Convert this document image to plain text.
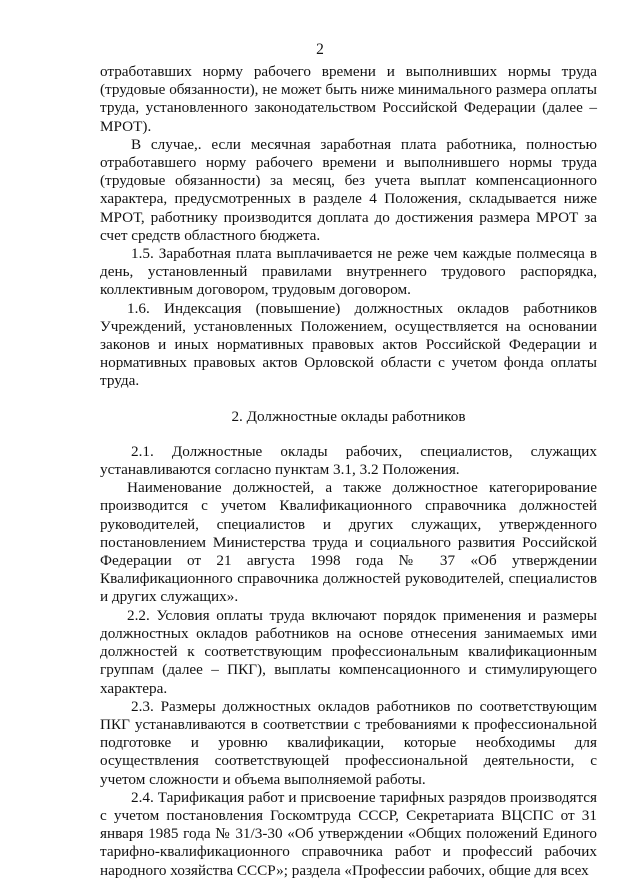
2

отработавших норму рабочего времени и выполнивших нормы труда (трудовые обязанности), не может быть ниже минимального размера оплаты труда, установленного законодательством Российской Федерации (далее – МРОТ).

В случае,. если месячная заработная плата работника, полностью отработавшего норму рабочего времени и выполнившего нормы труда (трудовые обязанности) за месяц, без учета выплат компенсационного характера, предусмотренных в разделе 4 Положения, складывается ниже МРОТ, работнику производится доплата до достижения размера МРОТ за счет средств областного бюджета.

1.5. Заработная плата выплачивается не реже чем каждые полмесяца в день, установленный правилами внутреннего трудового распорядка, коллективным договором, трудовым договором.

1.6. Индексация (повышение) должностных окладов работников Учреждений, установленных Положением, осуществляется на основании законов и иных нормативных правовых актов Российской Федерации и нормативных правовых актов Орловской области с учетом фонда оплаты труда.

2. Должностные оклады работников

2.1. Должностные оклады рабочих, специалистов, служащих устанавливаются согласно пунктам 3.1, 3.2 Положения.

Наименование должностей, а также должностное категорирование производится с учетом Квалификационного справочника должностей руководителей, специалистов и других служащих, утвержденного постановлением Министерства труда и социального развития Российской Федерации от 21 августа 1998 года № 37 «Об утверждении Квалификационного справочника должностей руководителей, специалистов и других служащих».

2.2. Условия оплаты труда включают порядок применения и размеры должностных окладов работников на основе отнесения занимаемых ими должностей к соответствующим профессиональным квалификационным группам (далее – ПКГ), выплаты компенсационного и стимулирующего характера.

2.3. Размеры должностных окладов работников по соответствующим ПКГ устанавливаются в соответствии с требованиями к профессиональной подготовке и уровню квалификации, которые необходимы для осуществления соответствующей профессиональной деятельности, с учетом сложности и объема выполняемой работы.

2.4. Тарификация работ и присвоение тарифных разрядов производятся с учетом постановления Госкомтруда СССР, Секретариата ВЦСПС от 31 января 1985 года № 31/3-30 «Об утверждении «Общих положений Единого тарифно-квалификационного справочника работ и профессий рабочих народного хозяйства СССР»; раздела «Профессии рабочих, общие для всех
